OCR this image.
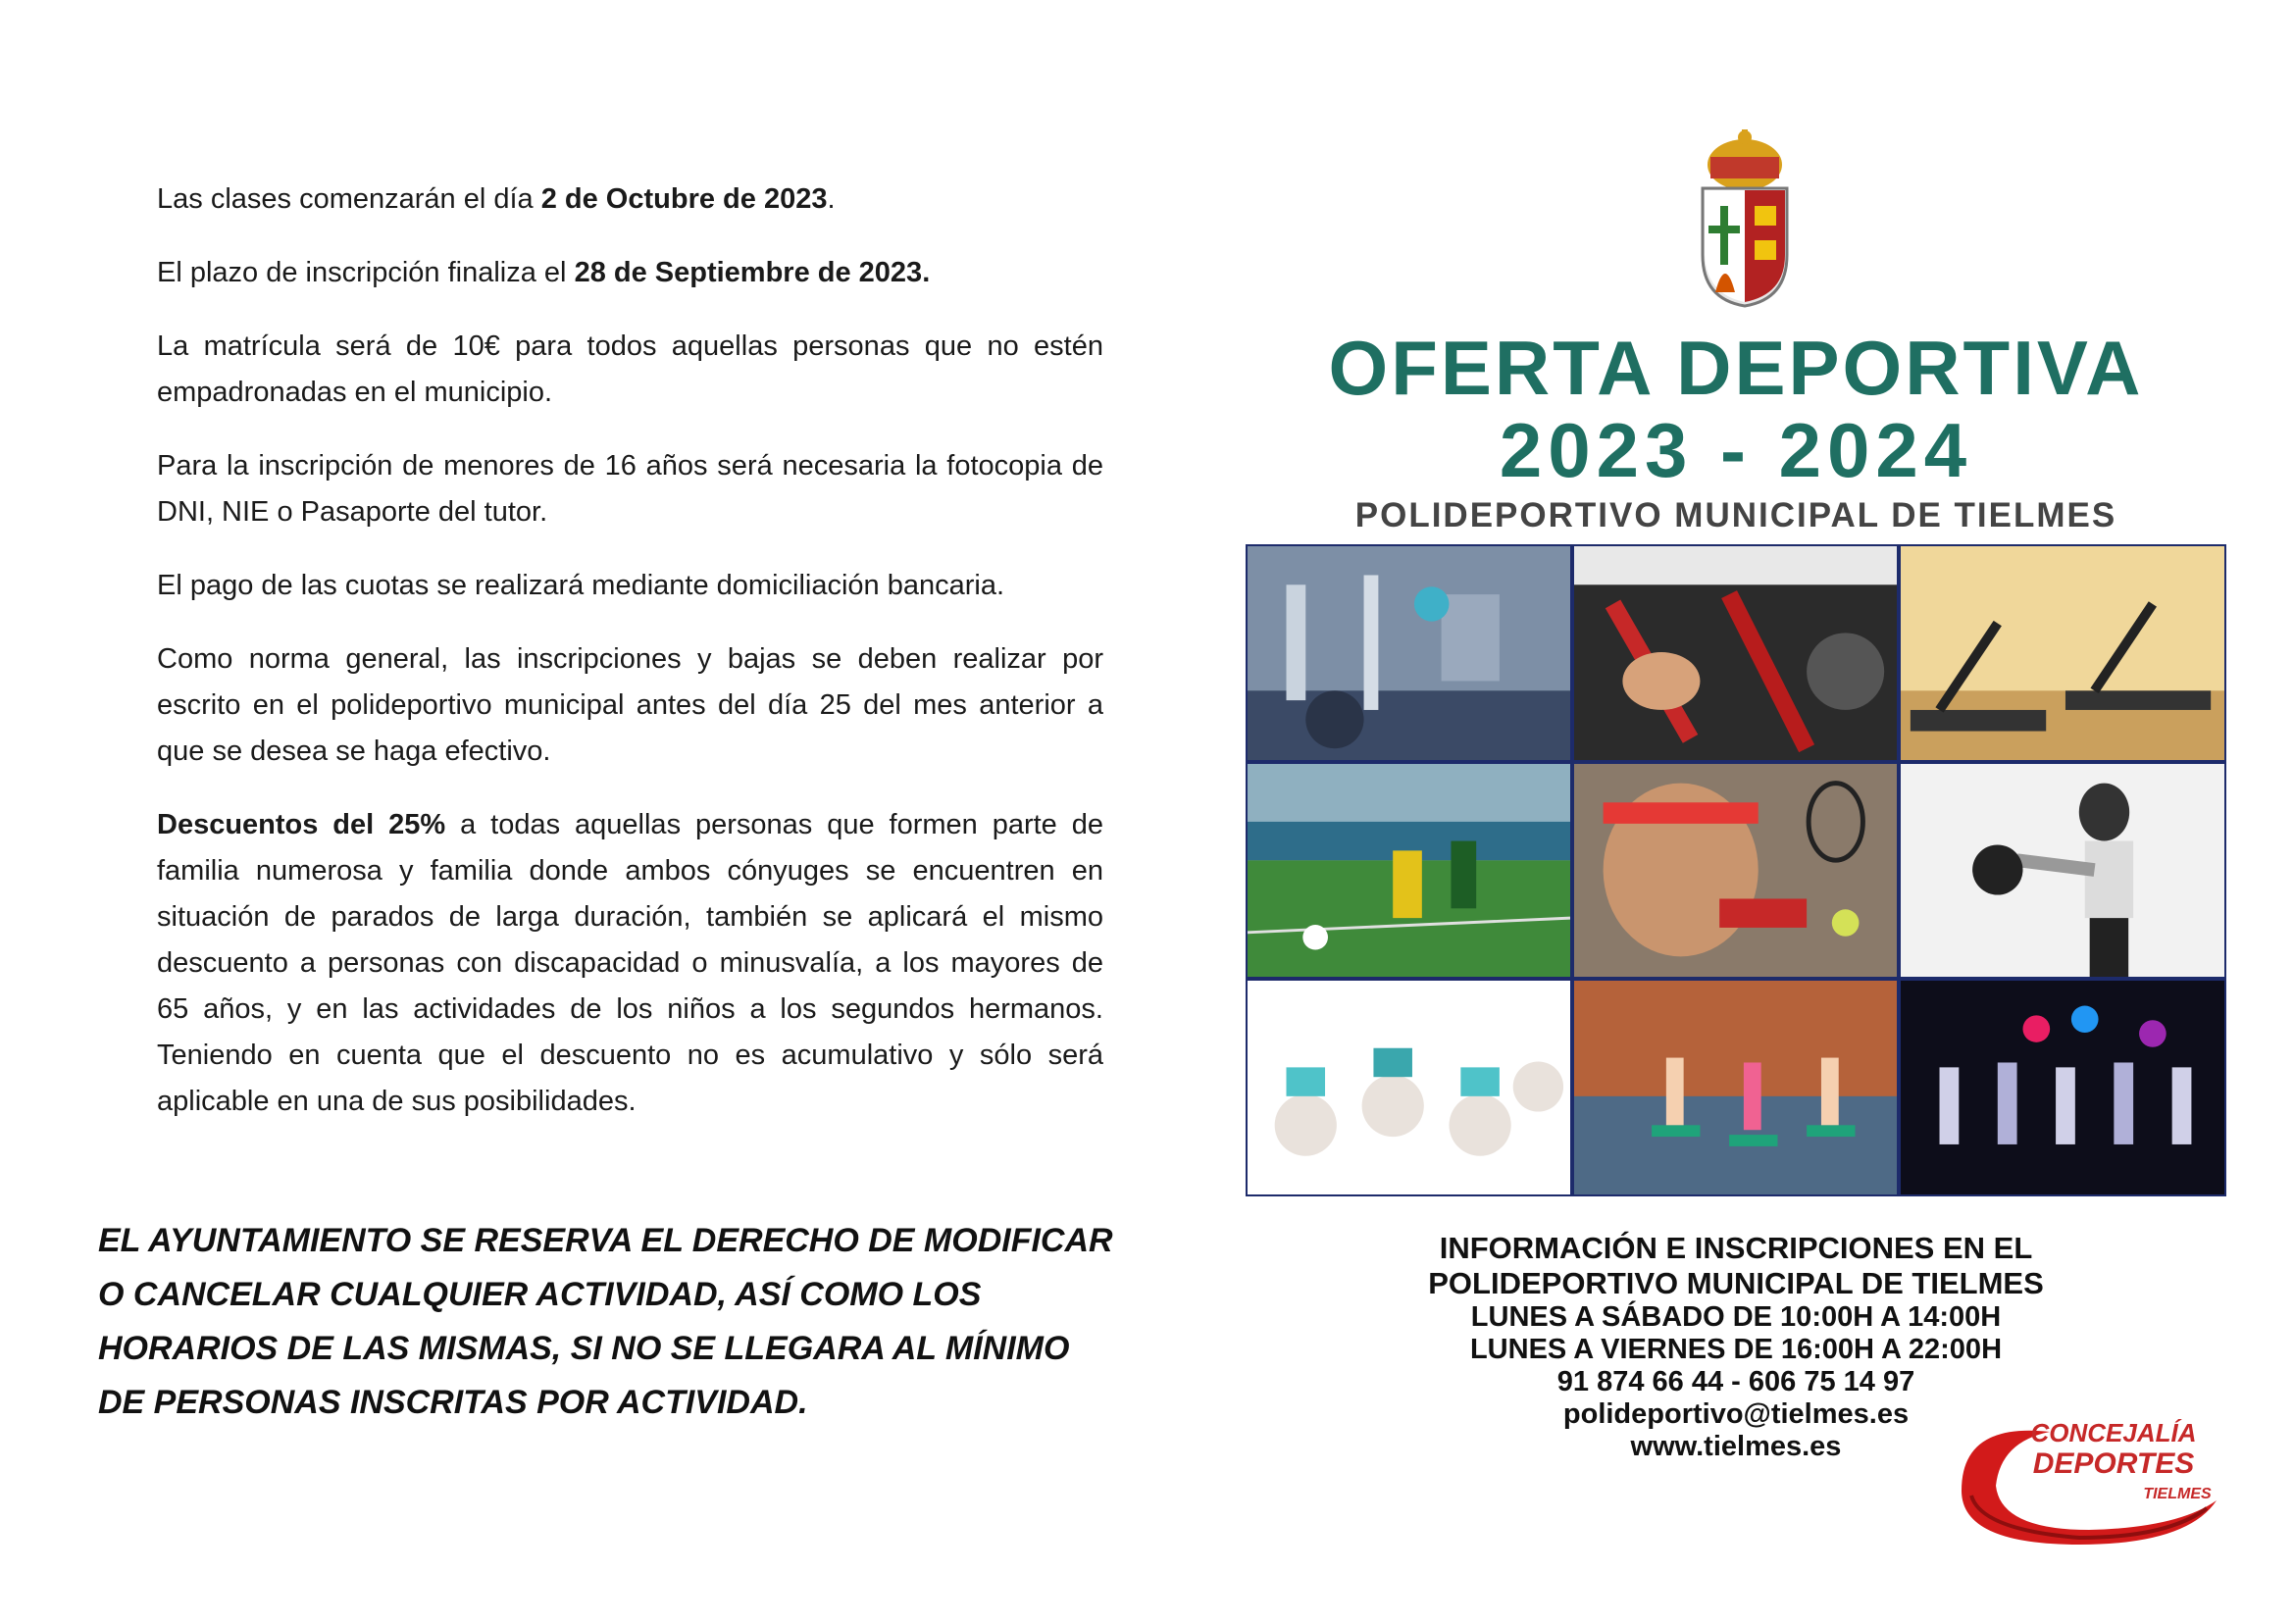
Las clases comenzarán el día 2 de Octubre de 2023.

El plazo de inscripción finaliza el 28 de Septiembre de 2023.

La matrícula será de 10€ para todos aquellas personas que no estén empadronadas en el municipio.

Para la inscripción de menores de 16 años será necesaria la fotocopia de DNI, NIE o Pasaporte del tutor.

El pago de las cuotas se realizará mediante domiciliación bancaria.

Como norma general, las inscripciones y bajas se deben realizar por escrito en el polideportivo municipal antes del día 25 del mes anterior a que se desea se haga efectivo.

Descuentos del 25% a todas aquellas personas que formen parte de familia numerosa y familia donde ambos cónyuges se encuentren en situación de parados de larga duración, también se aplicará el mismo descuento a personas con discapacidad o minusvalía, a los mayores de 65 años, y en las actividades de los niños a los segundos hermanos. Teniendo en cuenta que el descuento no es acumulativo y sólo será aplicable en una de sus posibilidades.

EL AYUNTAMIENTO SE RESERVA EL DERECHO DE MODIFICAR O CANCELAR CUALQUIER ACTIVIDAD, ASÍ COMO LOS HORARIOS DE LAS MISMAS, SI NO SE LLEGARA AL MÍNIMO DE PERSONAS INSCRITAS POR ACTIVIDAD.
OFERTA DEPORTIVA
2023 - 2024
POLIDEPORTIVO MUNICIPAL DE TIELMES
INFORMACIÓN E INSCRIPCIONES EN EL
POLIDEPORTIVO MUNICIPAL DE TIELMES
LUNES A SÁBADO DE 10:00H A 14:00H
LUNES A VIERNES DE 16:00H A 22:00H
91 874 66 44 - 606 75 14 97
polideportivo@tielmes.es
www.tielmes.es	CONCEJALÍA
DEPORTES
TIELMES
